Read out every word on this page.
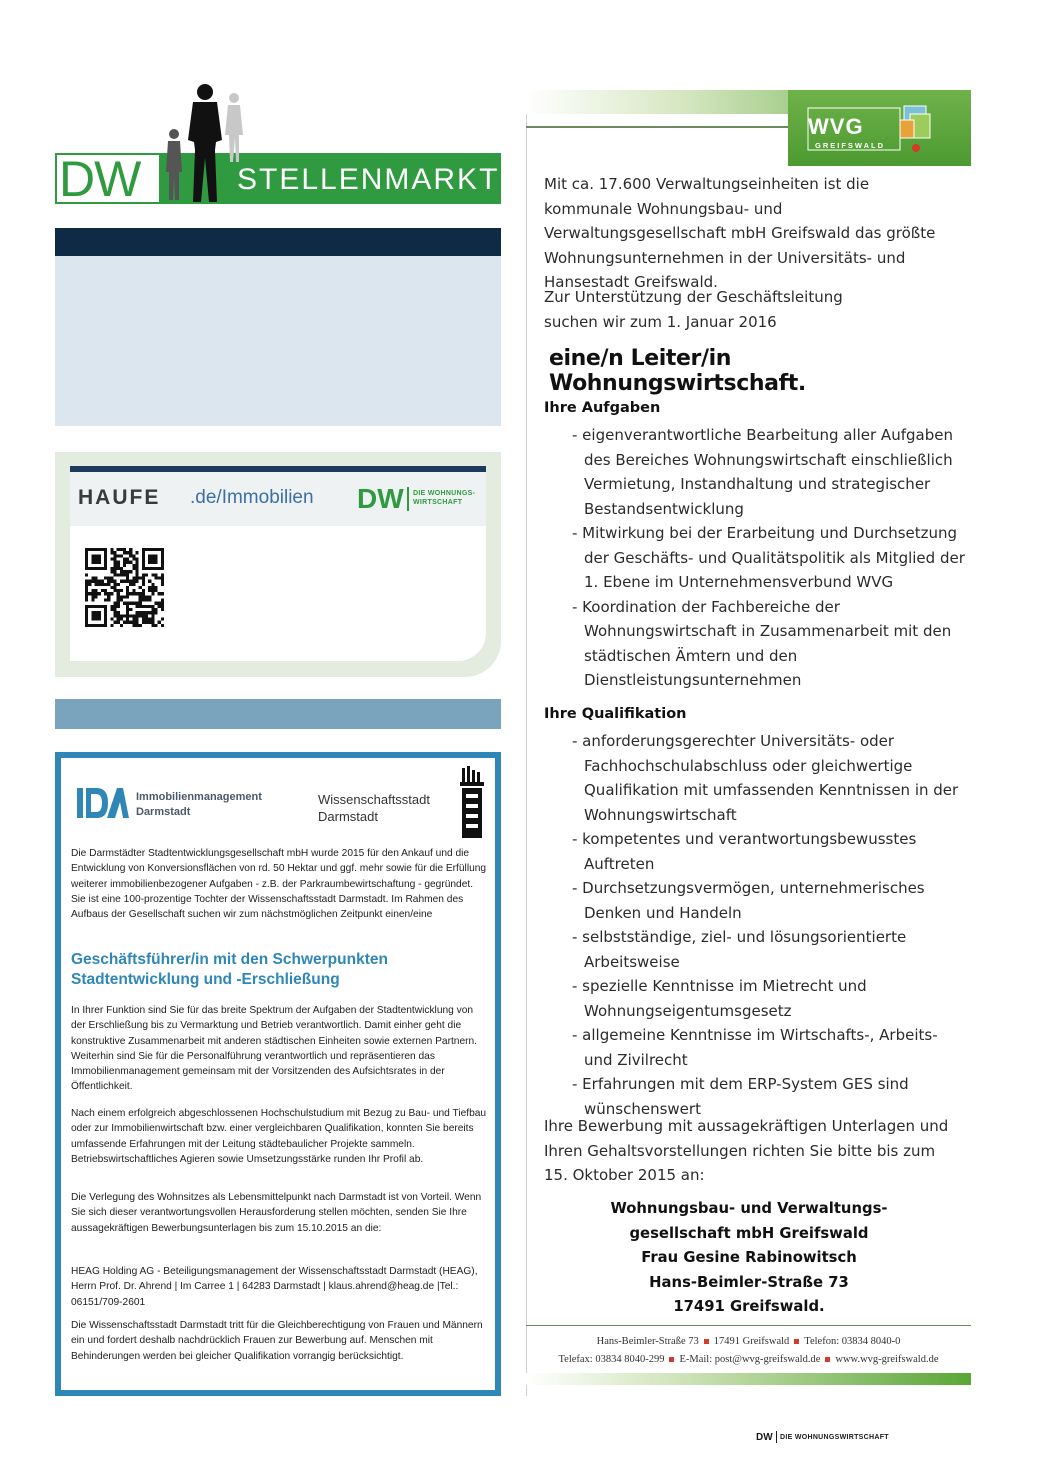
DW	STELLENMARKT
HAUFE .de/Immobilien DW DIE WOHNUNGS-
WIRTSCHAFT
Immobilienmanagement
Darmstadt
Wissenschaftsstadt
Darmstadt

Die Darmstädter Stadtentwicklungsgesellschaft mbH wurde 2015 für den Ankauf und die Entwicklung von Konversionsflächen von rd. 50 Hektar und ggf. mehr sowie für die Erfüllung weiterer immobilienbezogener Aufgaben - z.B. der Parkraumbewirtschaftung - gegründet. Sie ist eine 100-prozentige Tochter der Wissenschaftsstadt Darmstadt. Im Rahmen des Aufbaus der Gesellschaft suchen wir zum nächstmöglichen Zeitpunkt einen/eine

Geschäftsführer/in mit den Schwerpunkten Stadtentwicklung und -Erschließung

In Ihrer Funktion sind Sie für das breite Spektrum der Aufgaben der Stadtentwicklung von der Erschließung bis zu Vermarktung und Betrieb verantwortlich. Damit einher geht die konstruktive Zusammenarbeit mit anderen städtischen Einheiten sowie externen Partnern. Weiterhin sind Sie für die Personalführung verantwortlich und repräsentieren das Immobilienmanagement gemeinsam mit der Vorsitzenden des Aufsichtsrates in der Öffentlichkeit.

Nach einem erfolgreich abgeschlossenen Hochschulstudium mit Bezug zu Bau- und Tiefbau oder zur Immobilienwirtschaft bzw. einer vergleichbaren Qualifikation, konnten Sie bereits umfassende Erfahrungen mit der Leitung städtebaulicher Projekte sammeln. Betriebswirtschaftliches Agieren sowie Umsetzungsstärke runden Ihr Profil ab.

Die Verlegung des Wohnsitzes als Lebensmittelpunkt nach Darmstadt ist von Vorteil. Wenn Sie sich dieser verantwortungsvollen Herausforderung stellen möchten, senden Sie Ihre aussagekräftigen Bewerbungsunterlagen bis zum 15.10.2015 an die:

HEAG Holding AG - Beteiligungsmanagement der Wissenschaftsstadt Darmstadt (HEAG), Herrn Prof. Dr. Ahrend | Im Carree 1 | 64283 Darmstadt | klaus.ahrend@heag.de |Tel.: 06151/709-2601

Die Wissenschaftsstadt Darmstadt tritt für die Gleichberechtigung von Frauen und Männern ein und fordert deshalb nachdrücklich Frauen zur Bewerbung auf. Menschen mit Behinderungen werden bei gleicher Qualifikation vorrangig berücksichtigt.

WVG
GREIFSWALD

Mit ca. 17.600 Verwaltungseinheiten ist die kommunale Wohnungsbau- und Verwaltungsgesellschaft mbH Greifswald das größte Wohnungsunternehmen in der Universitäts- und Hansestadt Greifswald.

Zur Unterstützung der Geschäftsleitung
suchen wir zum 1. Januar 2016
eine/n Leiter/in Wohnungswirtschaft.
Ihre Aufgaben
- eigenverantwortliche Bearbeitung aller Aufgaben des Bereiches Wohnungswirtschaft einschließlich Vermietung, Instandhaltung und strategischer Bestandsentwicklung
- Mitwirkung bei der Erarbeitung und Durchsetzung der Geschäfts- und Qualitätspolitik als Mitglied der 1. Ebene im Unternehmensverbund WVG
- Koordination der Fachbereiche der Wohnungswirtschaft in Zusammenarbeit mit den städtischen Ämtern und den Dienstleistungsunternehmen
Ihre Qualifikation
- anforderungsgerechter Universitäts- oder Fachhochschulabschluss oder gleichwertige Qualifikation mit umfassenden Kenntnissen in der Wohnungswirtschaft
- kompetentes und verantwortungsbewusstes Auftreten
- Durchsetzungsvermögen, unternehmerisches Denken und Handeln
- selbstständige, ziel- und lösungsorientierte Arbeitsweise
- spezielle Kenntnisse im Mietrecht und Wohnungseigentumsgesetz
- allgemeine Kenntnisse im Wirtschafts-, Arbeits- und Zivilrecht
- Erfahrungen mit dem ERP-System GES sind wünschenswert

Ihre Bewerbung mit aussagekräftigen Unterlagen und Ihren Gehaltsvorstellungen richten Sie bitte bis zum 15. Oktober 2015 an:

Wohnungsbau- und Verwaltungs-
gesellschaft mbH Greifswald
Frau Gesine Rabinowitsch
Hans-Beimler-Straße 73
17491 Greifswald.
Hans-Beimler-Straße 73 17491 Greifswald Telefon: 03834 8040-0
Telefax: 03834 8040-299 E-Mail: post@wvg-greifswald.de www.wvg-greifswald.de
DW DIE WOHNUNGSWIRTSCHAFT
